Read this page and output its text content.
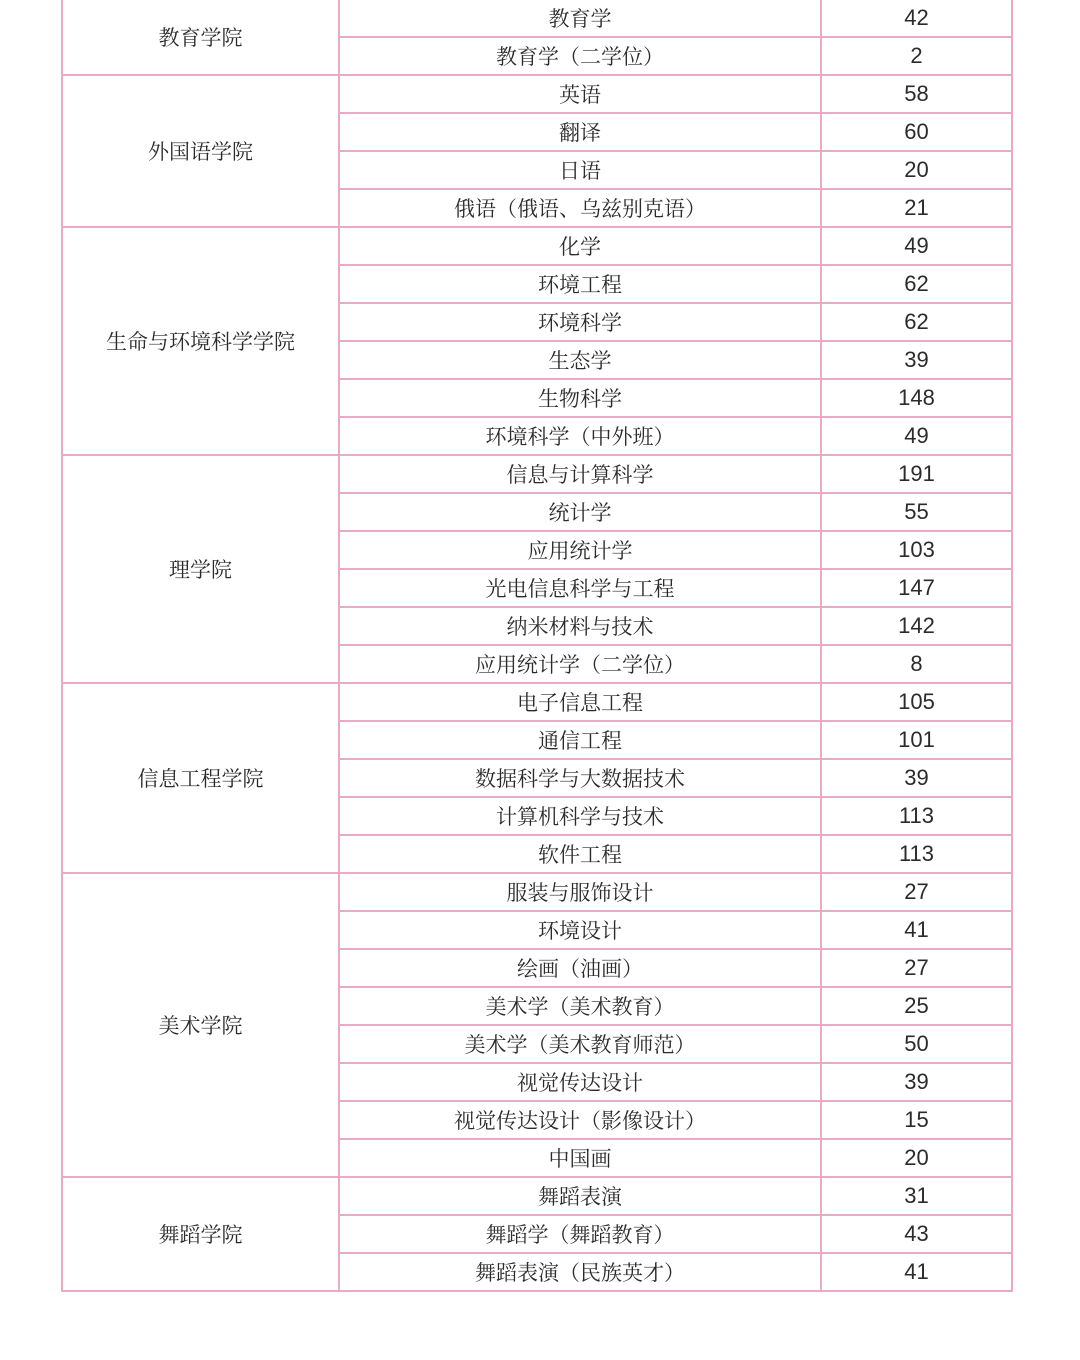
教育学院	教育学	42
	教育学（二学位）	2
外国语学院	英语	58
	翻译	60
	日语	20
	俄语（俄语、乌兹别克语）	21
生命与环境科学学院	化学	49
	环境工程	62
	环境科学	62
	生态学	39
	生物科学	148
	环境科学（中外班）	49
理学院	信息与计算科学	191
	统计学	55
	应用统计学	103
	光电信息科学与工程	147
	纳米材料与技术	142
	应用统计学（二学位）	8
信息工程学院	电子信息工程	105
	通信工程	101
	数据科学与大数据技术	39
	计算机科学与技术	113
	软件工程	113
美术学院	服装与服饰设计	27
	环境设计	41
	绘画（油画）	27
	美术学（美术教育）	25
	美术学（美术教育师范）	50
	视觉传达设计	39
	视觉传达设计（影像设计）	15
	中国画	20
舞蹈学院	舞蹈表演	31
	舞蹈学（舞蹈教育）	43
	舞蹈表演（民族英才）	41
